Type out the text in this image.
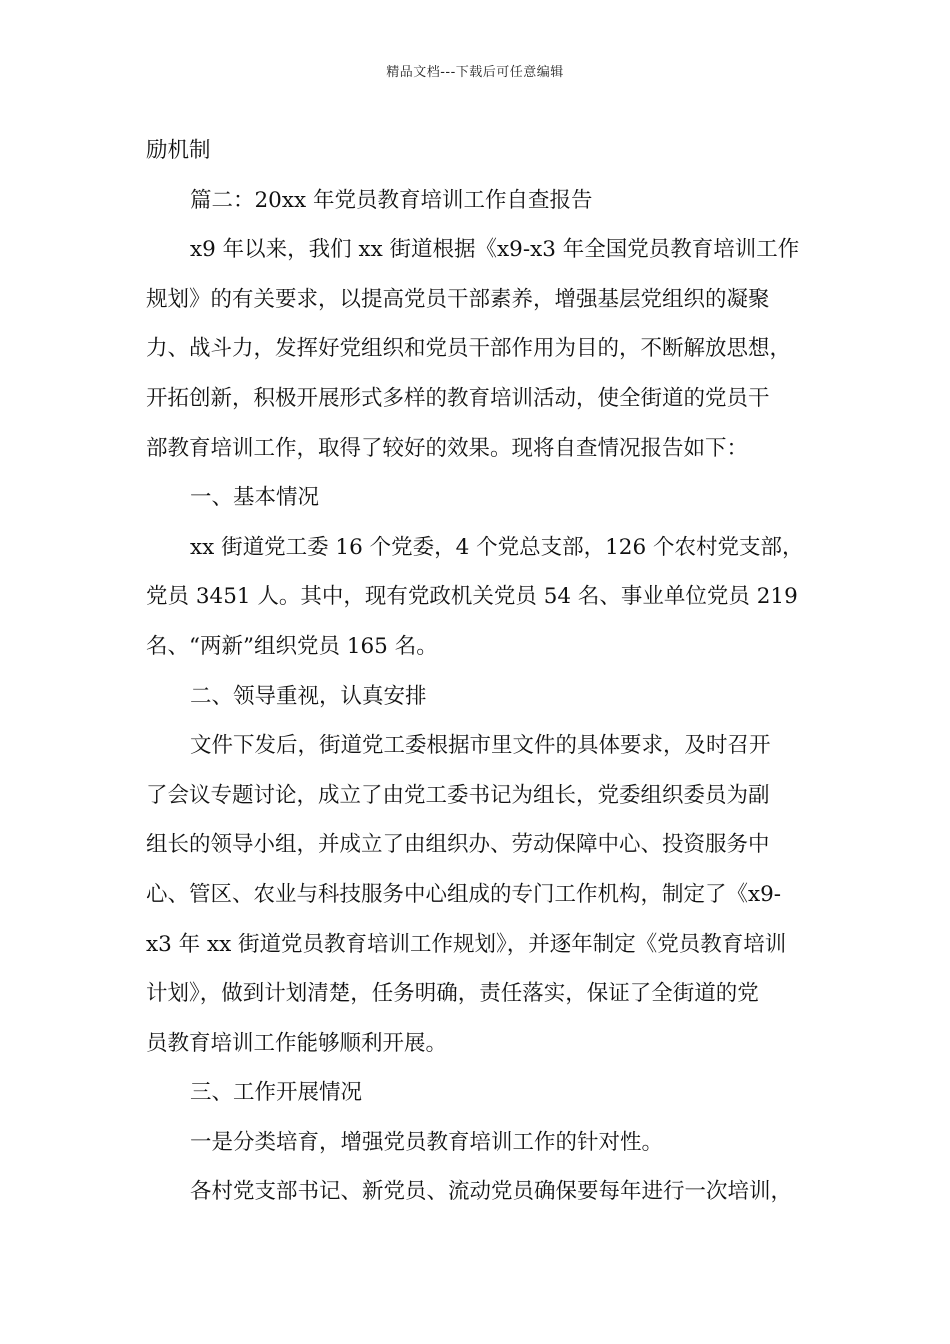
精品文档---下载后可任意编辑
励机制
篇二：20xx 年党员教育培训工作自查报告
x9 年以来，我们 xx 街道根据《x9-x3 年全国党员教育培训工作
规划》的有关要求，以提高党员干部素养，增强基层党组织的凝聚
力、战斗力，发挥好党组织和党员干部作用为目的，不断解放思想，
开拓创新，积极开展形式多样的教育培训活动，使全街道的党员干
部教育培训工作，取得了较好的效果。现将自查情况报告如下：
一、基本情况
xx 街道党工委 16 个党委，4 个党总支部，126 个农村党支部，
党员 3451 人。其中，现有党政机关党员 54 名、事业单位党员 219
名、“两新”组织党员 165 名。
二、领导重视，认真安排
文件下发后，街道党工委根据市里文件的具体要求，及时召开
了会议专题讨论，成立了由党工委书记为组长，党委组织委员为副
组长的领导小组，并成立了由组织办、劳动保障中心、投资服务中
心、管区、农业与科技服务中心组成的专门工作机构，制定了《x9-
x3 年 xx 街道党员教育培训工作规划》，并逐年制定《党员教育培训
计划》，做到计划清楚，任务明确，责任落实，保证了全街道的党
员教育培训工作能够顺利开展。
三、工作开展情况
一是分类培育，增强党员教育培训工作的针对性。
各村党支部书记、新党员、流动党员确保要每年进行一次培训，
